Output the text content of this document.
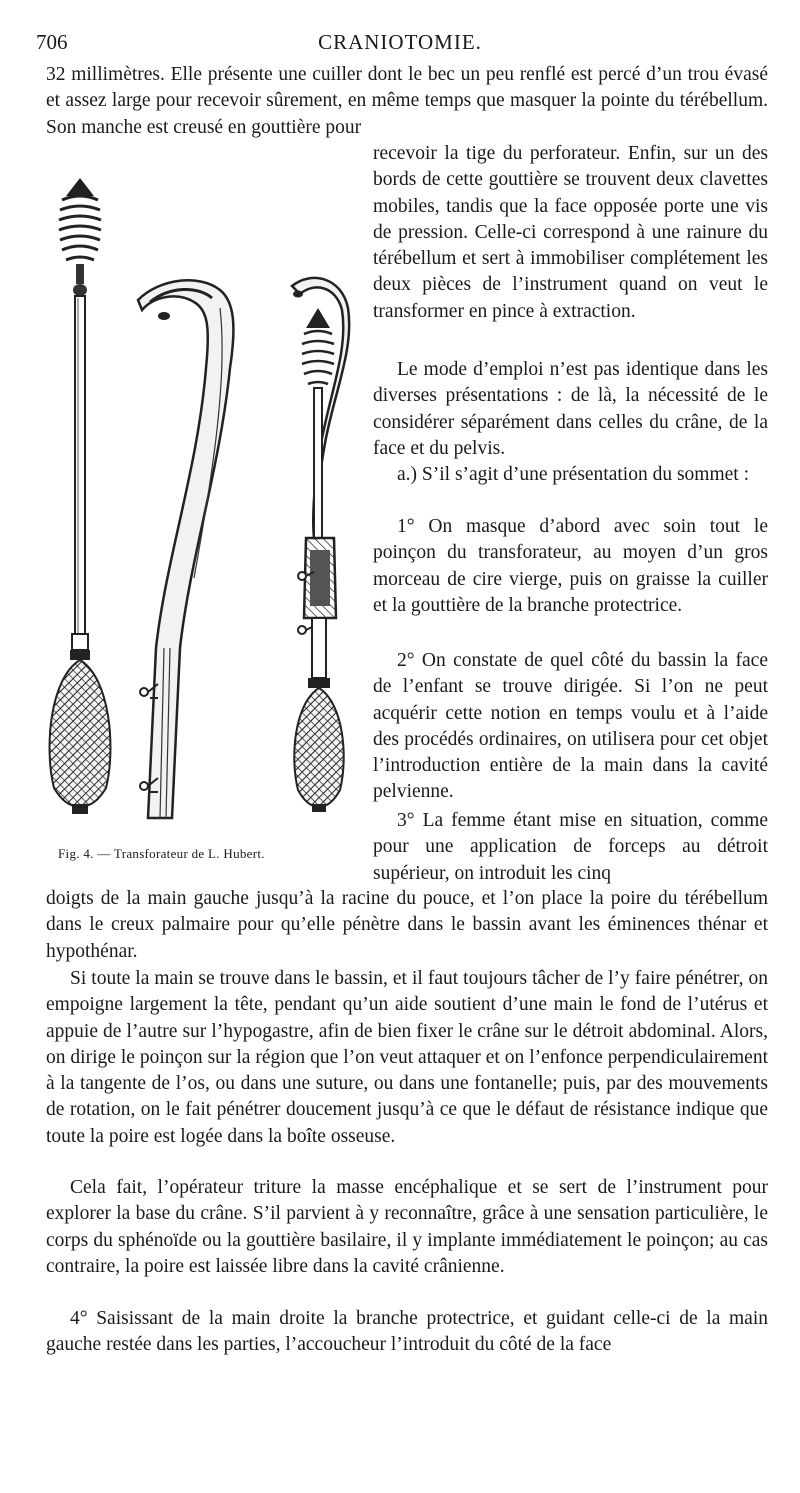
706	CRANIOTOMIE.

32 millimètres. Elle présente une cuiller dont le bec un peu renflé est percé d’un trou évasé et assez large pour recevoir sûrement, en même temps que masquer la pointe du térébellum. Son manche est creusé en gouttière pour

recevoir la tige du perforateur. Enfin, sur un des bords de cette gouttière se trouvent deux clavettes mobiles, tandis que la face opposée porte une vis de pression. Celle-ci correspond à une rainure du térébellum et sert à immobiliser complétement les deux pièces de l’instrument quand on veut le transformer en pince à extraction.

Le mode d’emploi n’est pas identique dans les diverses présentations : de là, la nécessité de le considérer séparément dans celles du crâne, de la face et du pelvis.

a.) S’il s’agit d’une présentation du sommet :

1° On masque d’abord avec soin tout le poinçon du transforateur, au moyen d’un gros morceau de cire vierge, puis on graisse la cuiller et la gouttière de la branche protectrice.

2° On constate de quel côté du bassin la face de l’enfant se trouve dirigée. Si l’on ne peut acquérir cette notion en temps voulu et à l’aide des procédés ordinaires, on utilisera pour cet objet l’introduction entière de la main dans la cavité pelvienne.

3° La femme étant mise en situation, comme pour une application de forceps au détroit supérieur, on introduit les cinq

doigts de la main gauche jusqu’à la racine du pouce, et l’on place la poire du térébellum dans le creux palmaire pour qu’elle pénètre dans le bassin avant les éminences thénar et hypothénar.

Si toute la main se trouve dans le bassin, et il faut toujours tâcher de l’y faire pénétrer, on empoigne largement la tête, pendant qu’un aide soutient d’une main le fond de l’utérus et appuie de l’autre sur l’hypogastre, afin de bien fixer le crâne sur le détroit abdominal. Alors, on dirige le poinçon sur la région que l’on veut attaquer et on l’enfonce perpendiculairement à la tangente de l’os, ou dans une suture, ou dans une fontanelle; puis, par des mouvements de rotation, on le fait pénétrer doucement jusqu’à ce que le défaut de résistance indique que toute la poire est logée dans la boîte osseuse.

Cela fait, l’opérateur triture la masse encéphalique et se sert de l’instrument pour explorer la base du crâne. S’il parvient à y reconnaître, grâce à une sensation particulière, le corps du sphénoïde ou la gouttière basilaire, il y implante immédiatement le poinçon; au cas contraire, la poire est laissée libre dans la cavité crânienne.

4° Saisissant de la main droite la branche protectrice, et guidant celle-ci de la main gauche restée dans les parties, l’accoucheur l’introduit du côté de la face

Fig. 4. — Transforateur de L. Hubert.
